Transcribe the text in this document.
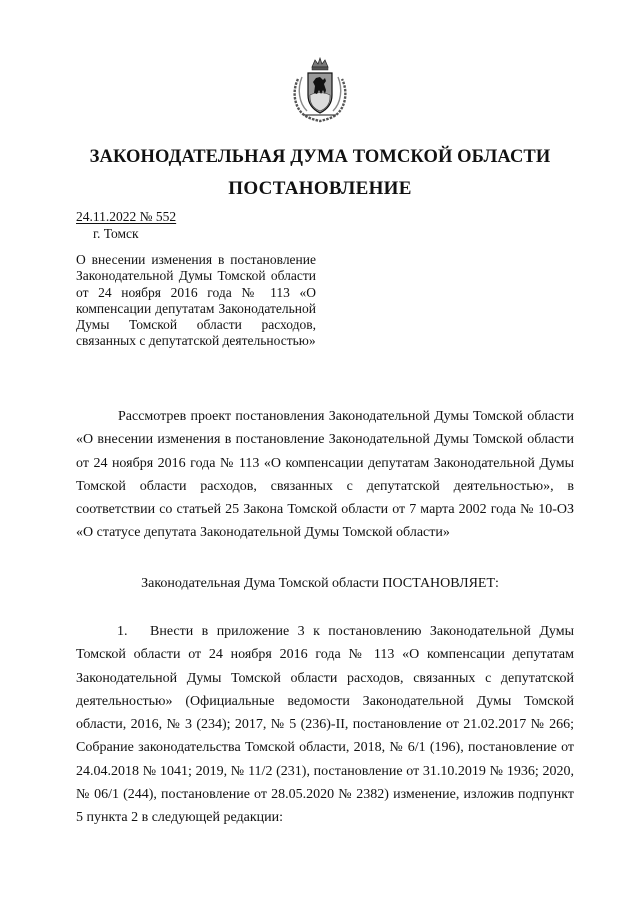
ЗАКОНОДАТЕЛЬНАЯ ДУМА ТОМСКОЙ ОБЛАСТИ
ПОСТАНОВЛЕНИЕ
24.11.2022 № 552
г. Томск
О внесении изменения в постановление Законодательной Думы Томской области от 24 ноября 2016 года № 113 «О компенсации депутатам Законодательной Думы Томской области расходов, связанных с депутатской деятельностью»
Рассмотрев проект постановления Законодательной Думы Томской области «О внесении изменения в постановление Законодательной Думы Томской области от 24 ноября 2016 года № 113 «О компенсации депутатам Законодательной Думы Томской области расходов, связанных с депутатской деятельностью», в соответствии со статьей 25 Закона Томской области от 7 марта 2002 года № 10-ОЗ «О статусе депутата Законодательной Думы Томской области»
Законодательная Дума Томской области ПОСТАНОВЛЯЕТ:
1.	Внести в приложение 3 к постановлению Законодательной Думы Томской области от 24 ноября 2016 года № 113 «О компенсации депутатам Законодательной Думы Томской области расходов, связанных с депутатской деятельностью» (Официальные ведомости Законодательной Думы Томской области, 2016, № 3 (234); 2017, № 5 (236)-II, постановление от 21.02.2017 № 266; Собрание законодательства Томской области, 2018, № 6/1 (196), постановление от 24.04.2018 № 1041; 2019, № 11/2 (231), постановление от 31.10.2019 № 1936; 2020, № 06/1 (244), постановление от 28.05.2020 № 2382) изменение, изложив подпункт 5 пункта 2 в следующей редакции:
